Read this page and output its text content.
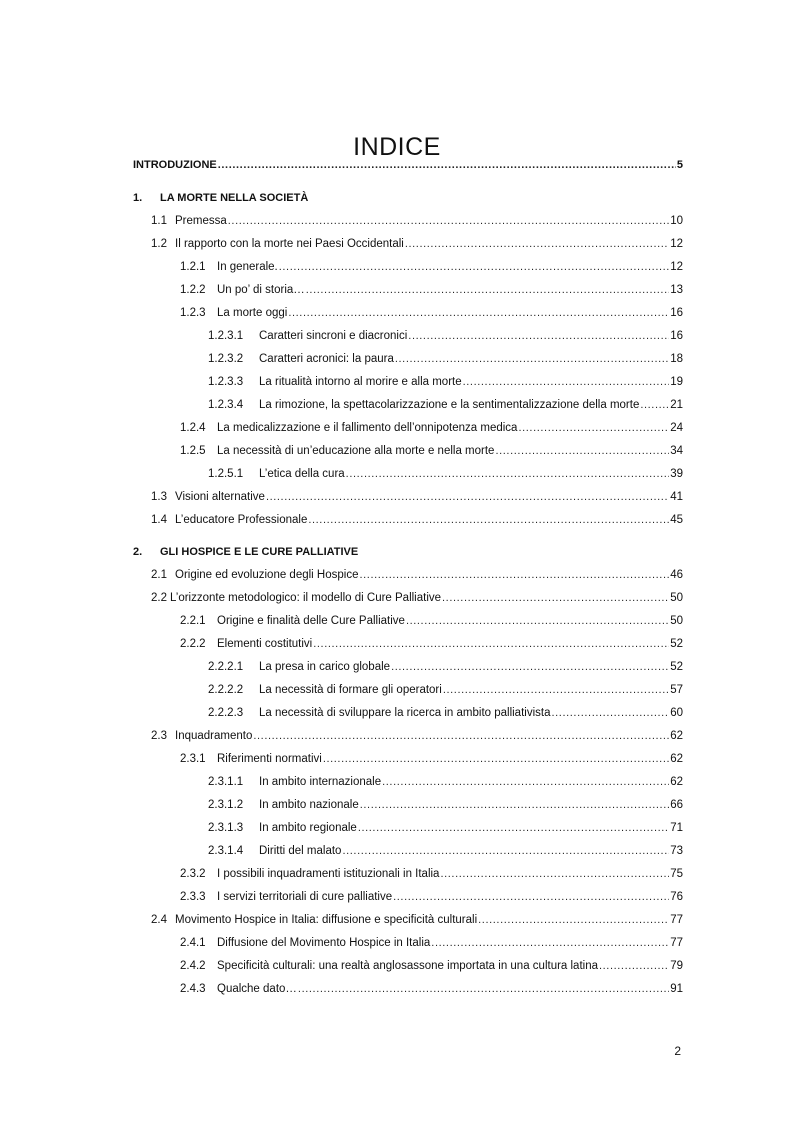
INDICE
INTRODUZIONE .....	5
1.	LA MORTE NELLA SOCIETÀ
1.1 Premessa .....	10
1.2 Il rapporto con la morte nei Paesi Occidentali .....	12
1.2.1 In generale. .....	12
1.2.2 Un po’ di storia… .....	13
1.2.3 La morte oggi .....	16
1.2.3.1	Caratteri sincroni e diacronici .....	16
1.2.3.2	Caratteri acronici: la paura .....	18
1.2.3.3	La ritualità intorno al morire e alla morte .....	19
1.2.3.4	La rimozione, la spettacolarizzazione e la sentimentalizzazione della morte .....	21
1.2.4 La medicalizzazione e il fallimento dell’onnipotenza medica .....	24
1.2.5 La necessità di un’educazione alla morte e nella morte .....	34
1.2.5.1	L’etica della cura .....	39
1.3 Visioni alternative .....	41
1.4 L’educatore Professionale .....	45
2.	GLI HOSPICE E LE CURE PALLIATIVE
2.1 Origine ed evoluzione degli Hospice .....	46
2.2 L’orizzonte metodologico: il modello di Cure Palliative .....	50
2.2.1 Origine e finalità delle Cure Palliative .....	50
2.2.2 Elementi costitutivi .....	52
2.2.2.1	La presa in carico globale .....	52
2.2.2.2	La necessità di formare gli operatori .....	57
2.2.2.3	La necessità di sviluppare la ricerca in ambito palliativista .....	60
2.3 Inquadramento .....	62
2.3.1 Riferimenti normativi .....	62
2.3.1.1	In ambito internazionale .....	62
2.3.1.2	In ambito nazionale .....	66
2.3.1.3	In ambito regionale .....	71
2.3.1.4	Diritti del malato .....	73
2.3.2 I possibili inquadramenti istituzionali in Italia .....	75
2.3.3 I servizi territoriali di cure palliative .....	76
2.4 Movimento Hospice in Italia: diffusione e specificità culturali .....	77
2.4.1 Diffusione del Movimento Hospice in Italia .....	77
2.4.2 Specificità culturali: una realtà anglosassone importata in una cultura latina .....	79
2.4.3 Qualche dato… .....	91
2
